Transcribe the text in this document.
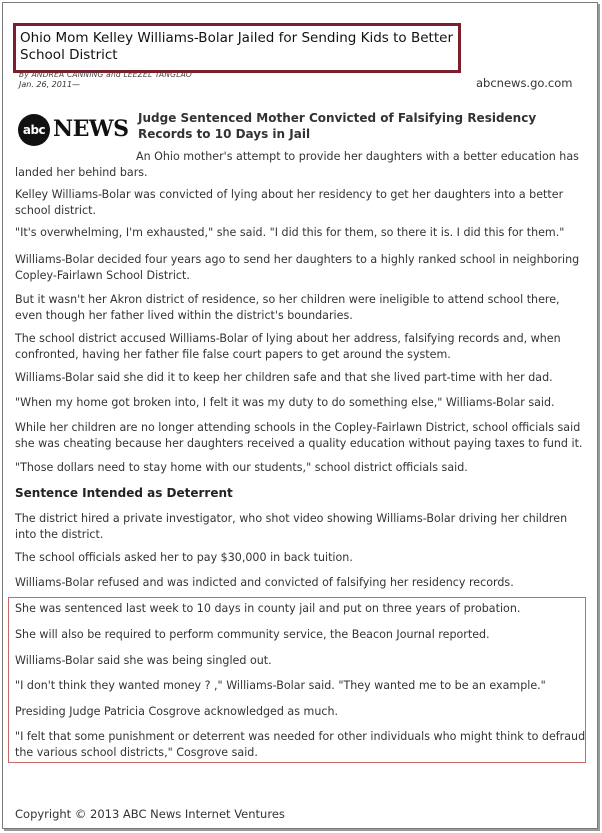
Ohio Mom Kelley Williams-Bolar Jailed for Sending Kids to Better School District
By ANDREA CANNING and LEEZEL TANGLAO
Jan. 26, 2011—	abcnews.go.com
abc NEWS Judge Sentenced Mother Convicted of Falsifying Residency Records to 10 Days in Jail
An Ohio mother's attempt to provide her daughters with a better education has landed her behind bars.
Kelley Williams-Bolar was convicted of lying about her residency to get her daughters into a better school district.
"It's overwhelming, I'm exhausted," she said. "I did this for them, so there it is. I did this for them."
Williams-Bolar decided four years ago to send her daughters to a highly ranked school in neighboring Copley-Fairlawn School District.
But it wasn't her Akron district of residence, so her children were ineligible to attend school there, even though her father lived within the district's boundaries.
The school district accused Williams-Bolar of lying about her address, falsifying records and, when confronted, having her father file false court papers to get around the system.
Williams-Bolar said she did it to keep her children safe and that she lived part-time with her dad.
"When my home got broken into, I felt it was my duty to do something else," Williams-Bolar said.
While her children are no longer attending schools in the Copley-Fairlawn District, school officials said she was cheating because her daughters received a quality education without paying taxes to fund it.
"Those dollars need to stay home with our students," school district officials said.
Sentence Intended as Deterrent
The district hired a private investigator, who shot video showing Williams-Bolar driving her children into the district.
The school officials asked her to pay $30,000 in back tuition.
Williams-Bolar refused and was indicted and convicted of falsifying her residency records.
She was sentenced last week to 10 days in county jail and put on three years of probation.
She will also be required to perform community service, the Beacon Journal reported.
Williams-Bolar said she was being singled out.
"I don't think they wanted money ? ," Williams-Bolar said. "They wanted me to be an example."
Presiding Judge Patricia Cosgrove acknowledged as much.
"I felt that some punishment or deterrent was needed for other individuals who might think to defraud the various school districts," Cosgrove said.
Copyright © 2013 ABC News Internet Ventures
